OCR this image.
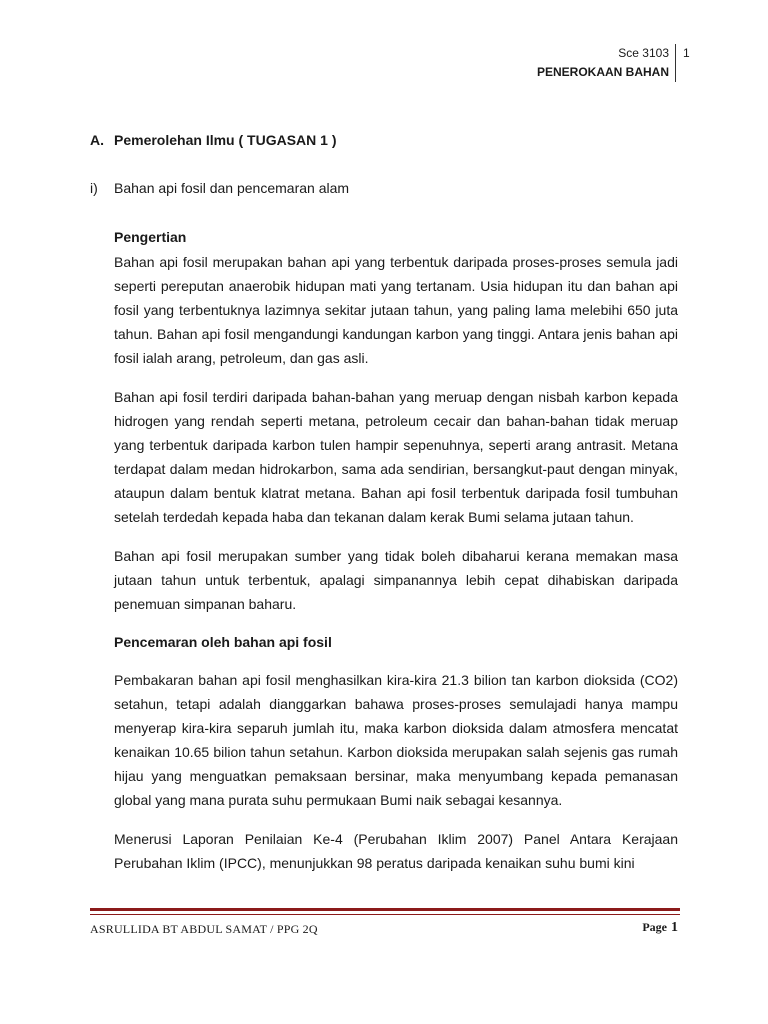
Sce 3103
PENEROKAAN BAHAN
1
A. Pemerolehan Ilmu ( TUGASAN 1 )
i) Bahan api fosil dan pencemaran alam
Pengertian

Bahan api fosil merupakan bahan api yang terbentuk daripada proses-proses semula jadi seperti pereputan anaerobik hidupan mati yang tertanam. Usia hidupan itu dan bahan api fosil yang terbentuknya lazimnya sekitar jutaan tahun, yang paling lama melebihi 650 juta tahun. Bahan api fosil mengandungi kandungan karbon yang tinggi. Antara jenis bahan api fosil ialah arang, petroleum, dan gas asli.

Bahan api fosil terdiri daripada bahan-bahan yang meruap dengan nisbah karbon kepada hidrogen yang rendah seperti metana, petroleum cecair dan bahan-bahan tidak meruap yang terbentuk daripada karbon tulen hampir sepenuhnya, seperti arang antrasit. Metana terdapat dalam medan hidrokarbon, sama ada sendirian, bersangkut-paut dengan minyak, ataupun dalam bentuk klatrat metana. Bahan api fosil terbentuk daripada fosil tumbuhan setelah terdedah kepada haba dan tekanan dalam kerak Bumi selama jutaan tahun.

Bahan api fosil merupakan sumber yang tidak boleh dibaharui kerana memakan masa jutaan tahun untuk terbentuk, apalagi simpanannya lebih cepat dihabiskan daripada penemuan simpanan baharu.

Pencemaran oleh bahan api fosil

Pembakaran bahan api fosil menghasilkan kira-kira 21.3 bilion tan karbon dioksida (CO2) setahun, tetapi adalah dianggarkan bahawa proses-proses semulajadi hanya mampu menyerap kira-kira separuh jumlah itu, maka karbon dioksida dalam atmosfera mencatat kenaikan 10.65 bilion tahun setahun. Karbon dioksida merupakan salah sejenis gas rumah hijau yang menguatkan pemaksaan bersinar, maka menyumbang kepada pemanasan global yang mana purata suhu permukaan Bumi naik sebagai kesannya.

Menerusi Laporan Penilaian Ke-4 (Perubahan Iklim 2007) Panel Antara Kerajaan Perubahan Iklim (IPCC), menunjukkan 98 peratus daripada kenaikan suhu bumi kini

ASRULLIDA BT ABDUL SAMAT / PPG 2Q	Page 1
